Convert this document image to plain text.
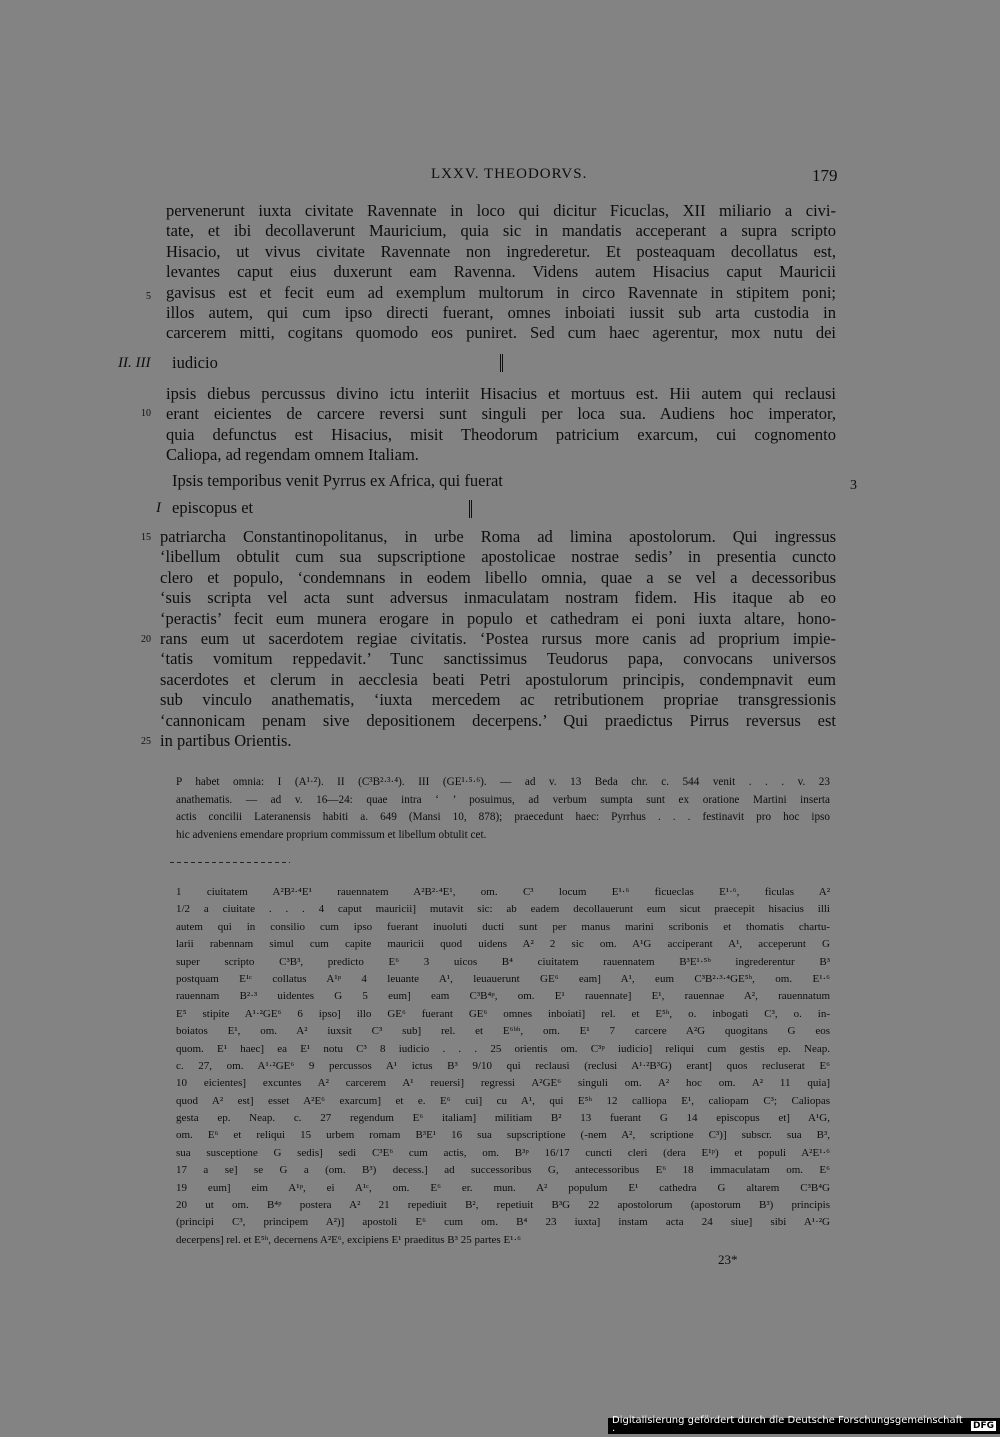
LXXV. THEODORVS.	179
pervenerunt iuxta civitate Ravennate in loco qui dicitur Ficuclas, XII miliario a civi-
tate, et ibi decollaverunt Mauricium, quia sic in mandatis acceperant a supra scripto
Hisacio, ut vivus civitate Ravennate non ingrederetur. Et posteaquam decollatus est,
levantes caput eius duxerunt eam Ravenna. Videns autem Hisacius caput Mauricii
gavisus est et fecit eum ad exemplum multorum in circo Ravennate in stipitem poni;
illos autem, qui cum ipso directi fuerant, omnes inboiati iussit sub arta custodia in
carcerem mitti, cogitans quomodo eos puniret. Sed cum haec agerentur, mox nutu dei
5
II. III iudicio
ipsis diebus percussus divino ictu interiit Hisacius et mortuus est. Hii autem qui reclausi
erant eicientes de carcere reversi sunt singuli per loca sua. Audiens hoc imperator,
quia defunctus est Hisacius, misit Theodorum patricium exarcum, cui cognomento
Caliopa, ad regendam omnem Italiam.
10
Ipsis temporibus venit Pyrrus ex Africa, qui fuerat	3
I episcopus et
patriarcha Constantinopolitanus, in urbe Roma ad limina apostolorum. Qui ingressus
‘libellum obtulit cum sua supscriptione apostolicae nostrae sedis’ in presentia cuncto
clero et populo, ‘condemnans in eodem libello omnia, quae a se vel a decessoribus
‘suis scripta vel acta sunt adversus inmaculatam nostram fidem. His itaque ab eo
‘peractis’ fecit eum munera erogare in populo et cathedram ei poni iuxta altare, hono-
rans eum ut sacerdotem regiae civitatis. ‘Postea rursus more canis ad proprium impie-
‘tatis vomitum reppedavit.’ Tunc sanctissimus Teudorus papa, convocans universos
sacerdotes et clerum in aecclesia beati Petri apostulorum principis, condempnavit eum
sub vinculo anathematis, ‘iuxta mercedem ac retributionem propriae transgressionis
‘cannonicam penam sive depositionem decerpens.’ Qui praedictus Pirrus reversus est
in partibus Orientis.
15
20
25
P habet omnia: I (A¹·²). II (C³B²·³·⁴). III (GE¹·⁵·⁶). — ad v. 13 Beda chr. c. 544 venit . . . v. 23
anathematis. — ad v. 16—24: quae intra ‘ ’ posuimus, ad verbum sumpta sunt ex oratione Martini inserta
actis concilii Lateranensis habiti a. 649 (Mansi 10, 878); praecedunt haec: Pyrrhus . . . festinavit pro hoc ipso
hic adveniens emendare proprium commissum et libellum obtulit cet.
1 ciuitatem A²B²·⁴E¹ rauennatem A²B²·⁴E¹, om. C³ locum E¹·⁶ ficueclas E¹·⁶, ficulas A²
1/2 a ciuitate . . . 4 caput mauricii] mutavit sic: ab eadem decollauerunt eum sicut praecepit hisacius illi
autem qui in consilio cum ipso fuerant inuoluti ducti sunt per manus marini scribonis et thomatis chartu-
larii rabennam simul cum capite mauricii quod uidens A² 2 sic om. A¹G acciperant A¹, acceperunt G
super scripto C³B³, predicto E⁶ 3 uicos B⁴ ciuitatem rauennatem B³E¹·⁵ᵇ ingrederentur B³
postquam E¹ᶜ collatus A¹ᵖ 4 leuante A¹, leuauerunt GE⁶ eam] A¹, eum C³B²·³·⁴GE⁵ʰ, om. E¹·⁶
rauennam B²·³ uidentes G 5 eum] eam C³B⁴ᵖ, om. E¹ rauennate] E¹, rauennae A², rauennatum
E⁵ stipite A¹·²GE⁶ 6 ipso] illo GE⁶ fuerant GE⁶ omnes inboiati] rel. et E⁵ʰ, o. inbogati C³, o. in-
boiatos E¹, om. A² iuxsit C³ sub] rel. et E⁶ᵇʰ, om. E¹ 7 carcere A²G quogitans G eos
quom. E¹ haec] ea E¹ notu C³ 8 iudicio . . . 25 orientis om. C³ᵖ iudicio] reliqui cum gestis ep. Neap.
c. 27, om. A¹·²GE⁶ 9 percussos A¹ ictus B³ 9/10 qui reclausi (reclusi A¹·²B³G) erant] quos recluserat E⁶
10 eicientes] excuntes A² carcerem A¹ reuersi] regressi A²GE⁶ singuli om. A² hoc om. A² 11 quia]
quod A² est] esset A²E⁶ exarcum] et e. E⁶ cui] cu A¹, qui E⁵ʰ 12 calliopa E¹, caliopam C³; Caliopas
gesta ep. Neap. c. 27 regendum E⁶ italiam] militiam B² 13 fuerant G 14 episcopus et] A¹G,
om. E⁶ et reliqui 15 urbem romam B³E¹ 16 sua supscriptione (-nem A², scriptione C³)] subscr. sua B³,
sua susceptione G sedis] sedi C³E⁶ cum actis, om. B³ᵖ 16/17 cuncti cleri (dera E¹ᵖ) et populi A²E¹·⁶
17 a se] se G a (om. B³) decess.] ad successoribus G, antecessoribus E⁶ 18 immaculatam om. E⁶
19 eum] eim A¹ᵖ, ei A¹ᶜ, om. E⁶ er. mun. A² populum E¹ cathedra G altarem C³B⁴G
20 ut om. B⁴ᵖ postera A² 21 repediuit B², repetiuit B³G 22 apostolorum (apostorum B³) principis
(principi C³, principem A²)] apostoli E⁶ cum om. B⁴ 23 iuxta] instam acta 24 siue] sibi A¹·²G
decerpens] rel. et E⁵ʰ, decernens A²E⁶, excipiens E¹ praeditus B³ 25 partes E¹·⁶
23*
Digitalisierung gefördert durch die Deutsche Forschungsgemeinschaft ·	DFG
